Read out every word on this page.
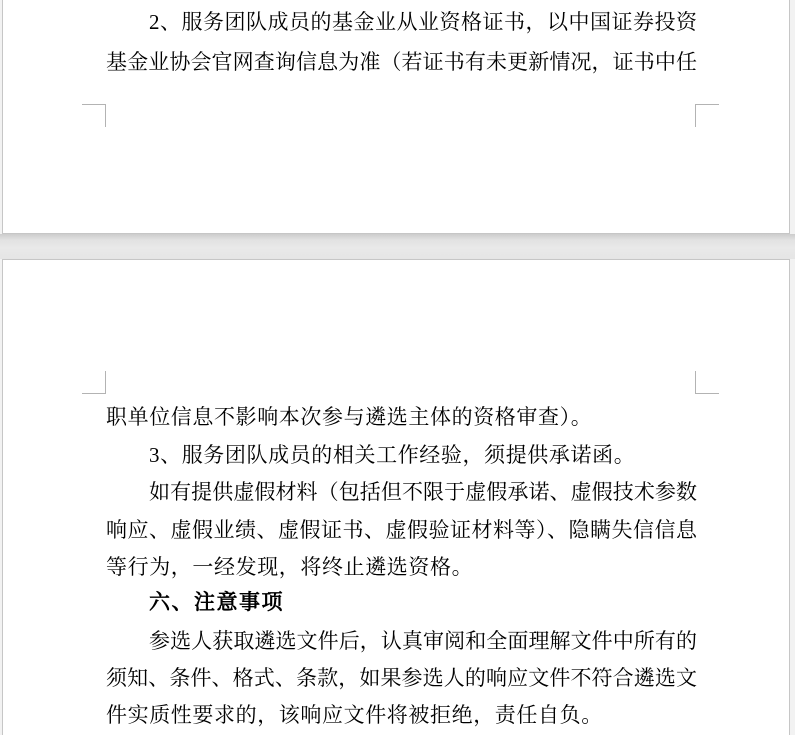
2、服务团队成员的基金业从业资格证书，以中国证券投资
基金业协会官网查询信息为准（若证书有未更新情况，证书中任
职单位信息不影响本次参与遴选主体的资格审查）。
3、服务团队成员的相关工作经验，须提供承诺函。
如有提供虚假材料（包括但不限于虚假承诺、虚假技术参数
响应、虚假业绩、虚假证书、虚假验证材料等）、隐瞒失信信息
等行为，一经发现，将终止遴选资格。
六、注意事项
参选人获取遴选文件后，认真审阅和全面理解文件中所有的
须知、条件、格式、条款，如果参选人的响应文件不符合遴选文
件实质性要求的，该响应文件将被拒绝，责任自负。
